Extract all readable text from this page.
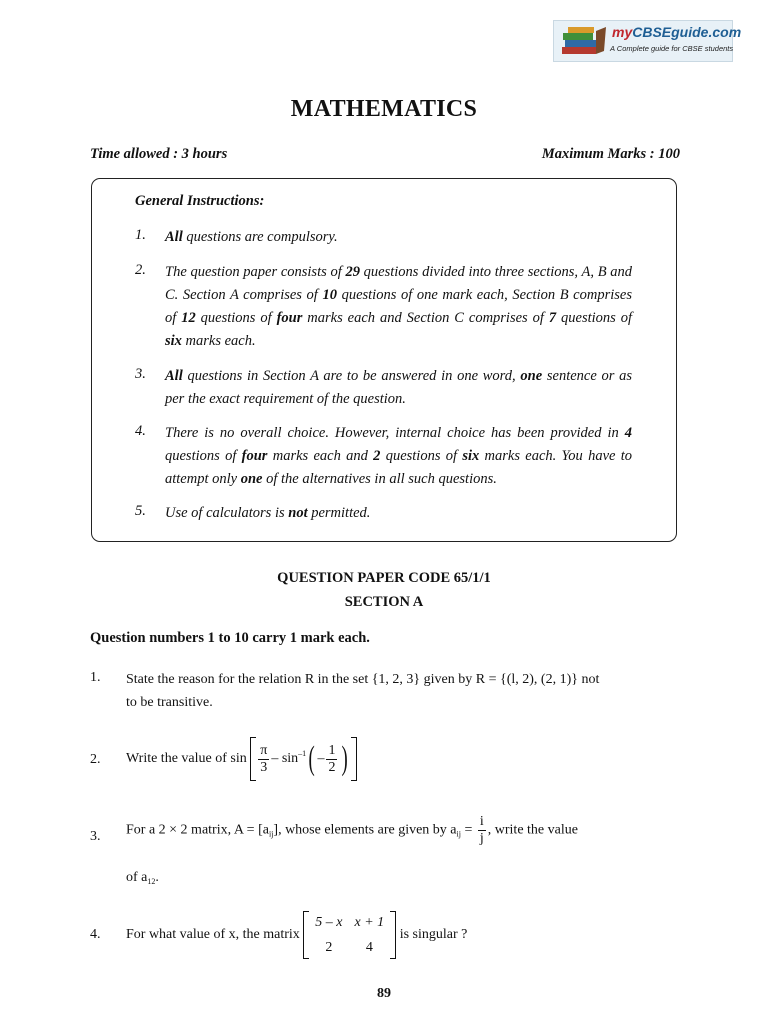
myCBSEguide.com
A Complete guide for CBSE students
MATHEMATICS
Time allowed : 3 hours	Maximum Marks : 100
General Instructions:
1. All questions are compulsory.
2. The question paper consists of 29 questions divided into three sections, A, B and C. Section A comprises of 10 questions of one mark each, Section B comprises of 12 questions of four marks each and Section C comprises of 7 questions of six marks each.
3. All questions in Section A are to be answered in one word, one sentence or as per the exact requirement of the question.
4. There is no overall choice. However, internal choice has been provided in 4 questions of four marks each and 2 questions of six marks each. You have to attempt only one of the alternatives in all such questions.
5. Use of calculators is not permitted.
QUESTION PAPER CODE 65/1/1
SECTION A
Question numbers 1 to 10 carry 1 mark each.
1. State the reason for the relation R in the set {1, 2, 3} given by R = {(l, 2), (2, 1)} not
to be transitive.
2. Write the value of $\sin \frac{\pi}{3} - \sin^{-1}( - \frac{1}{2}$ )
3. For a 2 × 2 matrix, $A = [a_{ij}]$, whose elements are given by $a_{ij} = \frac{i}{j}$ , write the value
of $a_{12}$.
4. For what value of x, the matrix
5 – x	x + 1
2	4
is singular ?
89
